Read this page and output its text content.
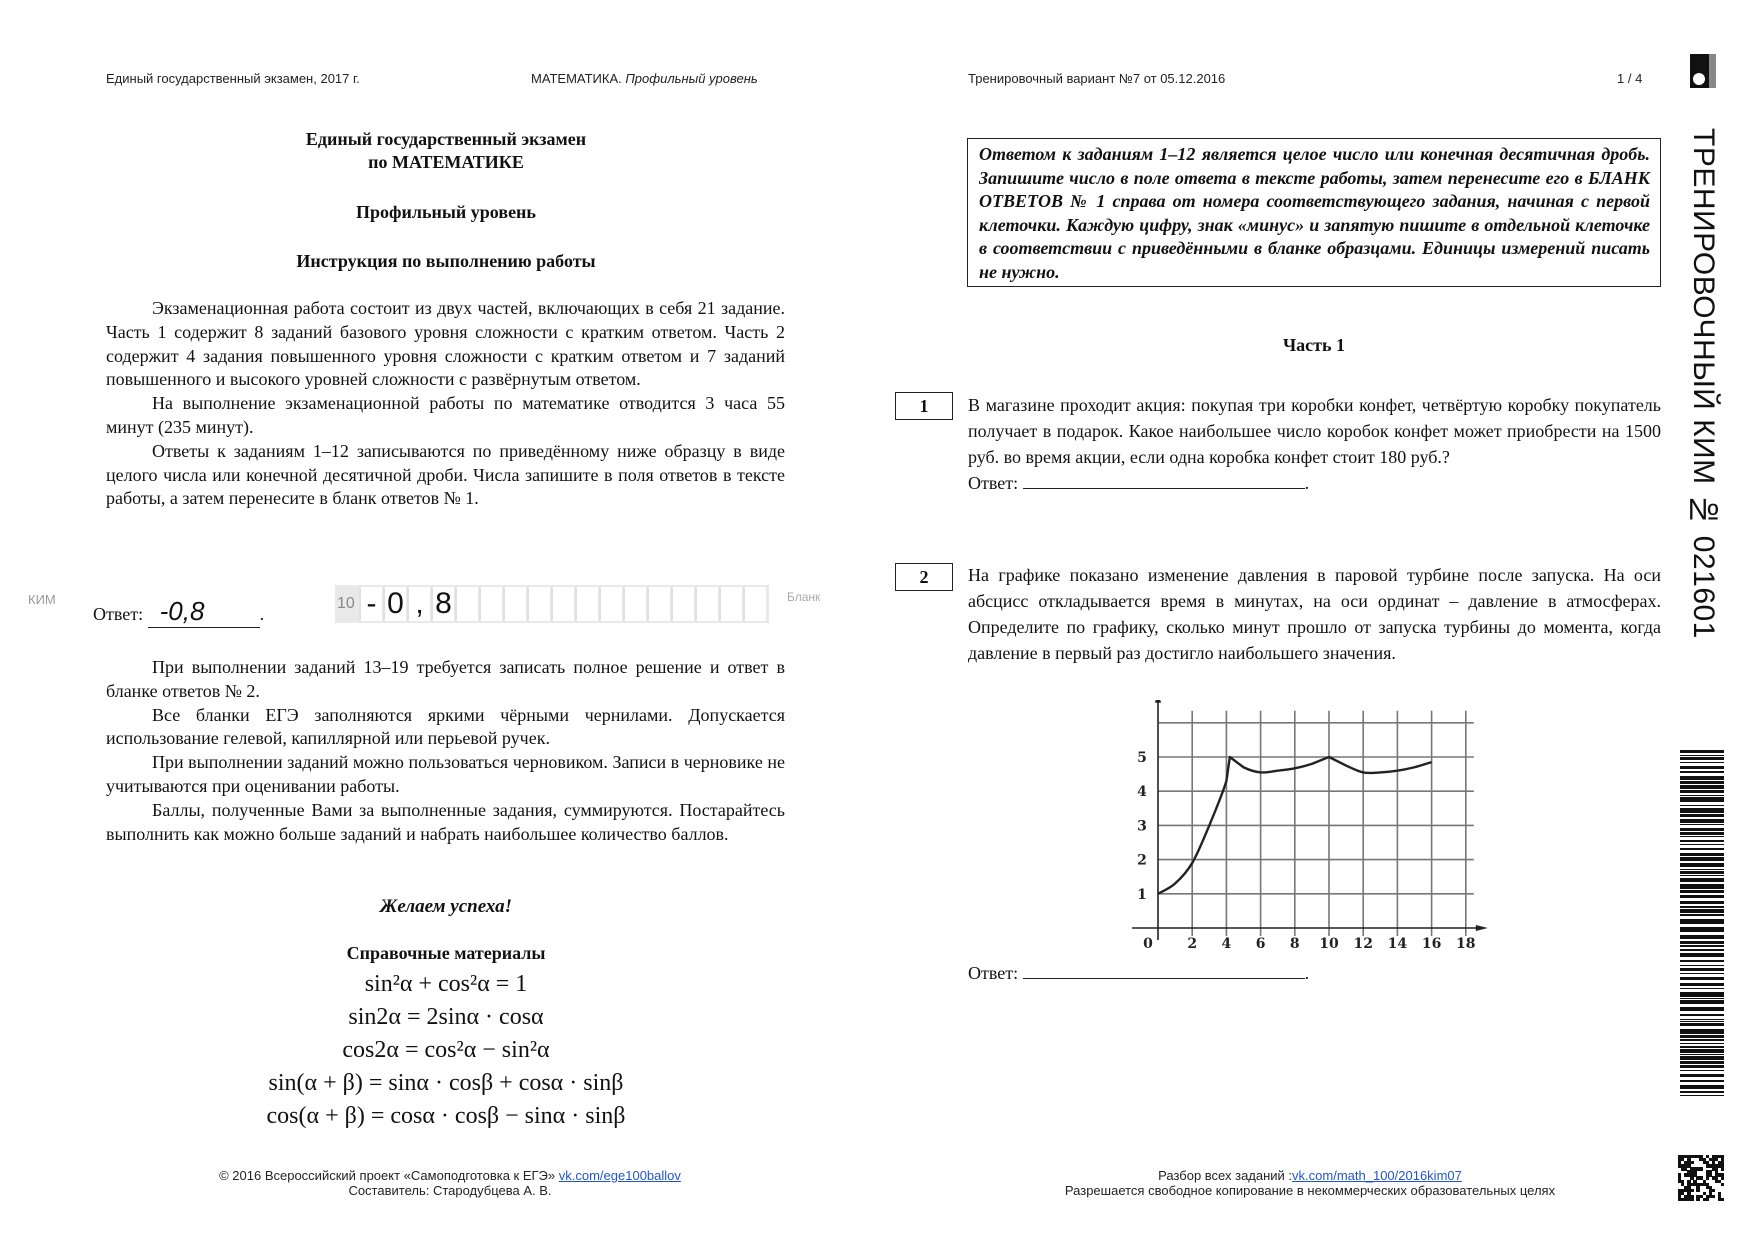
Единый государственный экзамен, 2017 г.	МАТЕМАТИКА. Профильный уровень	Тренировочный вариант №7 от 05.12.2016	1 / 4
Единый государственный экзамен
по МАТЕМАТИКЕ
Профильный уровень
Инструкция по выполнению работы

Экзаменационная работа состоит из двух частей, включающих в себя 21 задание. Часть 1 содержит 8 заданий базового уровня сложности с кратким ответом. Часть 2 содержит 4 задания повышенного уровня сложности с кратким ответом и 7 заданий повышенного и высокого уровней сложности с развёрнутым ответом.

На выполнение экзаменационной работы по математике отводится 3 часа 55 минут (235 минут).

Ответы к заданиям 1–12 записываются по приведённому ниже образцу в виде целого числа или конечной десятичной дроби. Числа запишите в поля ответов в тексте работы, а затем перенесите в бланк ответов № 1.

КИМ
Ответ: -0,8	.
10 - 0 , 8	Бланк

При выполнении заданий 13–19 требуется записать полное решение и ответ в бланке ответов № 2.

Все бланки ЕГЭ заполняются яркими чёрными чернилами. Допускается использование гелевой, капиллярной или перьевой ручек.

При выполнении заданий можно пользоваться черновиком. Записи в черновике не учитываются при оценивании работы.

Баллы, полученные Вами за выполненные задания, суммируются. Постарайтесь выполнить как можно больше заданий и набрать наибольшее количество баллов.

Желаем успеха!
Справочные материалы
sin²α + cos²α = 1
sin2α = 2sinα · cosα
cos2α = cos²α − sin²α
sin(α + β) = sinα · cosβ + cosα · sinβ
cos(α + β) = cosα · cosβ − sinα · sinβ
Ответом к заданиям 1–12 является целое число или конечная десятичная дробь. Запишите число в поле ответа в тексте работы, затем перенесите его в БЛАНК ОТВЕТОВ № 1 справа от номера соответствующего задания, начиная с первой клеточки. Каждую цифру, знак «минус» и запятую пишите в отдельной клеточке в соответствии с приведёнными в бланке образцами. Единицы измерений писать не нужно.
Часть 1
1	В магазине проходит акция: покупая три коробки конфет, четвёртую коробку покупатель получает в подарок. Какое наибольшее число коробок конфет может приобрести на 1500 руб. во время акции, если одна коробка конфет стоит 180 руб.?
Ответ:	.
2	На графике показано изменение давления в паровой турбине после запуска. На оси абсцисс откладывается время в минутах, на оси ординат – давление в атмосферах. Определите по графику, сколько минут прошло от запуска турбины до момента, когда давление в первый раз достигло наибольшего значения.
0 2 4 6 8 10 12 14 16 18
1
2
3
4
5
Ответ:	.
ТРЕНИРОВОЧНЫЙ КИМ № 021601
© 2016 Всероссийский проект «Самоподготовка к ЕГЭ» vk.com/ege100ballov
Составитель: Стародубцева А. В.
Разбор всех заданий :vk.com/math_100/2016kim07
Разрешается свободное копирование в некоммерческих образовательных целях
